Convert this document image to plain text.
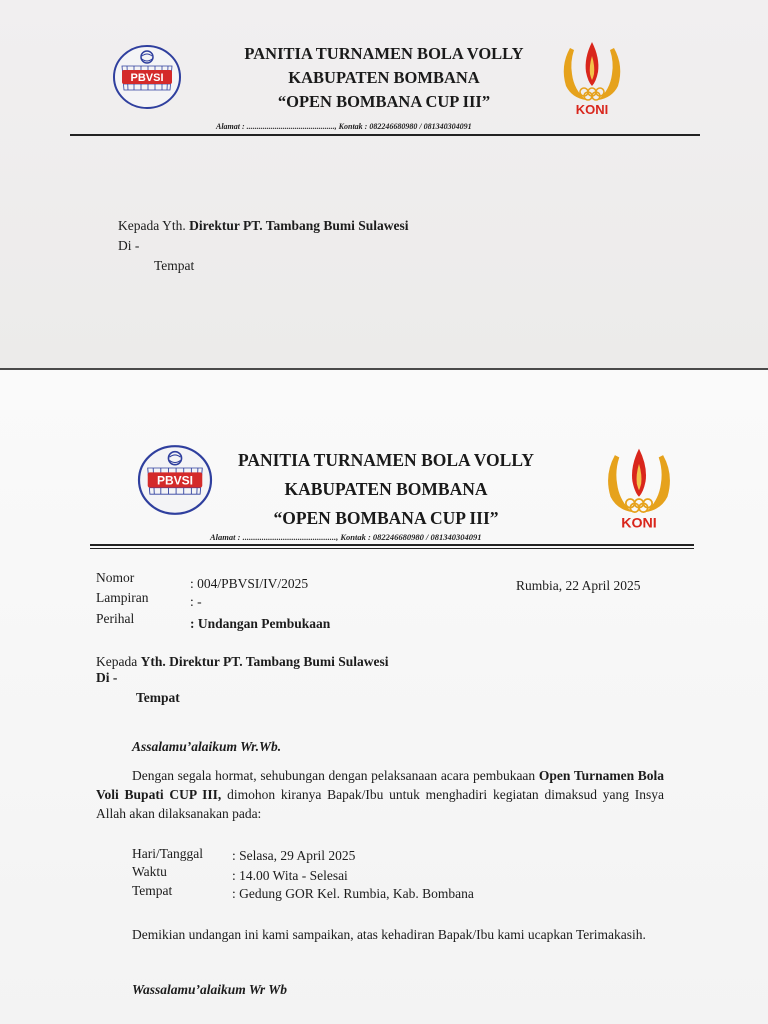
PBVSI
PANITIA TURNAMEN BOLA VOLLY
KABUPATEN BOMBANA
“OPEN BOMBANA CUP III”	KONI
Alamat : ............................................, Kontak : 082246680980 / 081340304091
Kepada Yth. Direktur PT. Tambang Bumi Sulawesi
Di -
Tempat
PBVSI
PANITIA TURNAMEN BOLA VOLLY
KABUPATEN BOMBANA
“OPEN BOMBANA CUP III”	KONI
Alamat : ............................................, Kontak : 082246680980 / 081340304091
Nomor	: 004/PBVSI/IV/2025
Lampiran	: -
Perihal	: Undangan Pembukaan
Rumbia, 22 April 2025
Kepada Yth. Direktur PT. Tambang Bumi Sulawesi
Di -
Tempat
Assalamu’alaikum Wr.Wb.
Dengan segala hormat, sehubungan dengan pelaksanaan acara pembukaan Open Turnamen Bola Voli Bupati CUP III, dimohon kiranya Bapak/Ibu untuk menghadiri kegiatan dimaksud yang Insya Allah akan dilaksanakan pada:
Hari/Tanggal : Selasa, 29 April 2025
Waktu	: 14.00 Wita - Selesai
Tempat	: Gedung GOR Kel. Rumbia, Kab. Bombana
Demikian undangan ini kami sampaikan, atas kehadiran Bapak/Ibu kami ucapkan Terimakasih.
Wassalamu’alaikum Wr Wb
